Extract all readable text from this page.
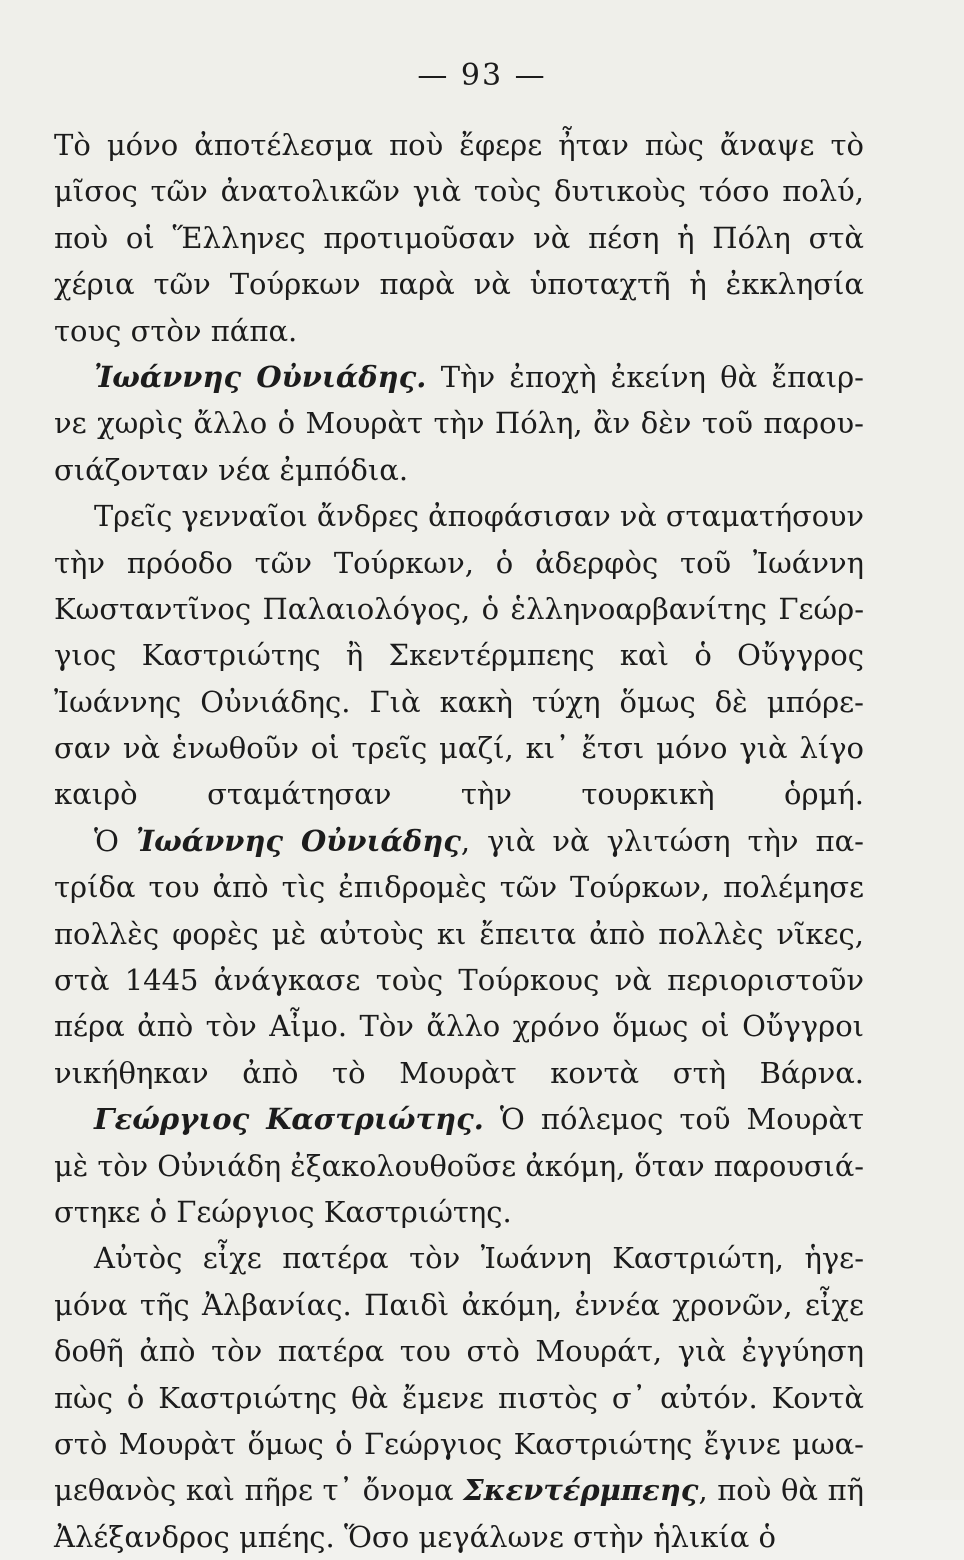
— 93 —
Τὸ μόνο ἀποτέλεσμα ποὺ ἔφερε ἦταν πὼς ἄναψε τὸ
μῖσος τῶν ἀνατολικῶν γιὰ τοὺς δυτικοὺς τόσο πολύ,
ποὺ οἱ Ἕλληνες προτιμοῦσαν νὰ πέση ἡ Πόλη στὰ
χέρια τῶν Τούρκων παρὰ νὰ ὑποταχτῆ ἡ ἐκκλησία
τους στὸν πάπα.
Ἰωάννης Οὐνιάδης. Τὴν ἐποχὴ ἐκείνη θὰ ἔπαιρ-
νε χωρὶς ἄλλο ὁ Μουρὰτ τὴν Πόλη, ἂν δὲν τοῦ παρου-
σιάζονταν νέα ἐμπόδια.
Τρεῖς γενναῖοι ἄνδρες ἀποφάσισαν νὰ σταματήσουν
τὴν πρόοδο τῶν Τούρκων, ὁ ἀδερφὸς τοῦ Ἰωάννη
Κωσταντῖνος Παλαιολόγος, ὁ ἑλληνοαρβανίτης Γεώρ-
γιος Καστριώτης ἢ Σκεντέρμπεης καὶ ὁ Οὔγγρος
Ἰωάννης Οὐνιάδης. Γιὰ κακὴ τύχη ὅμως δὲ μπόρε-
σαν νὰ ἑνωθοῦν οἱ τρεῖς μαζί, κι᾿ ἔτσι μόνο γιὰ λίγο
καιρὸ σταμάτησαν τὴν τουρκικὴ ὁρμή.
Ὁ Ἰωάννης Οὐνιάδης, γιὰ νὰ γλιτώση τὴν πα-
τρίδα του ἀπὸ τὶς ἐπιδρομὲς τῶν Τούρκων, πολέμησε
πολλὲς φορὲς μὲ αὐτοὺς κι ἔπειτα ἀπὸ πολλὲς νῖκες,
στὰ 1445 ἀνάγκασε τοὺς Τούρκους νὰ περιοριστοῦν
πέρα ἀπὸ τὸν Αἶμο. Τὸν ἄλλο χρόνο ὅμως οἱ Οὔγγροι
νικήθηκαν ἀπὸ τὸ Μουρὰτ κοντὰ στὴ Βάρνα.
Γεώργιος Καστριώτης. Ὁ πόλεμος τοῦ Μουρὰτ
μὲ τὸν Οὐνιάδη ἐξακολουθοῦσε ἀκόμη, ὅταν παρουσιά-
στηκε ὁ Γεώργιος Καστριώτης.
Αὐτὸς εἶχε πατέρα τὸν Ἰωάννη Καστριώτη, ἡγε-
μόνα τῆς Ἀλβανίας. Παιδὶ ἀκόμη, ἐννέα χρονῶν, εἶχε
δοθῆ ἀπὸ τὸν πατέρα του στὸ Μουράτ, γιὰ ἐγγύηση
πὼς ὁ Καστριώτης θὰ ἔμενε πιστὸς σ᾿ αὐτόν. Κοντὰ
στὸ Μουρὰτ ὅμως ὁ Γεώργιος Καστριώτης ἔγινε μωα-
μεθανὸς καὶ πῆρε τ᾿ ὄνομα Σκεντέρμπεης, ποὺ θὰ πῆ
Ἀλέξανδρος μπέης. Ὅσο μεγάλωνε στὴν ἡλικία ὁ
